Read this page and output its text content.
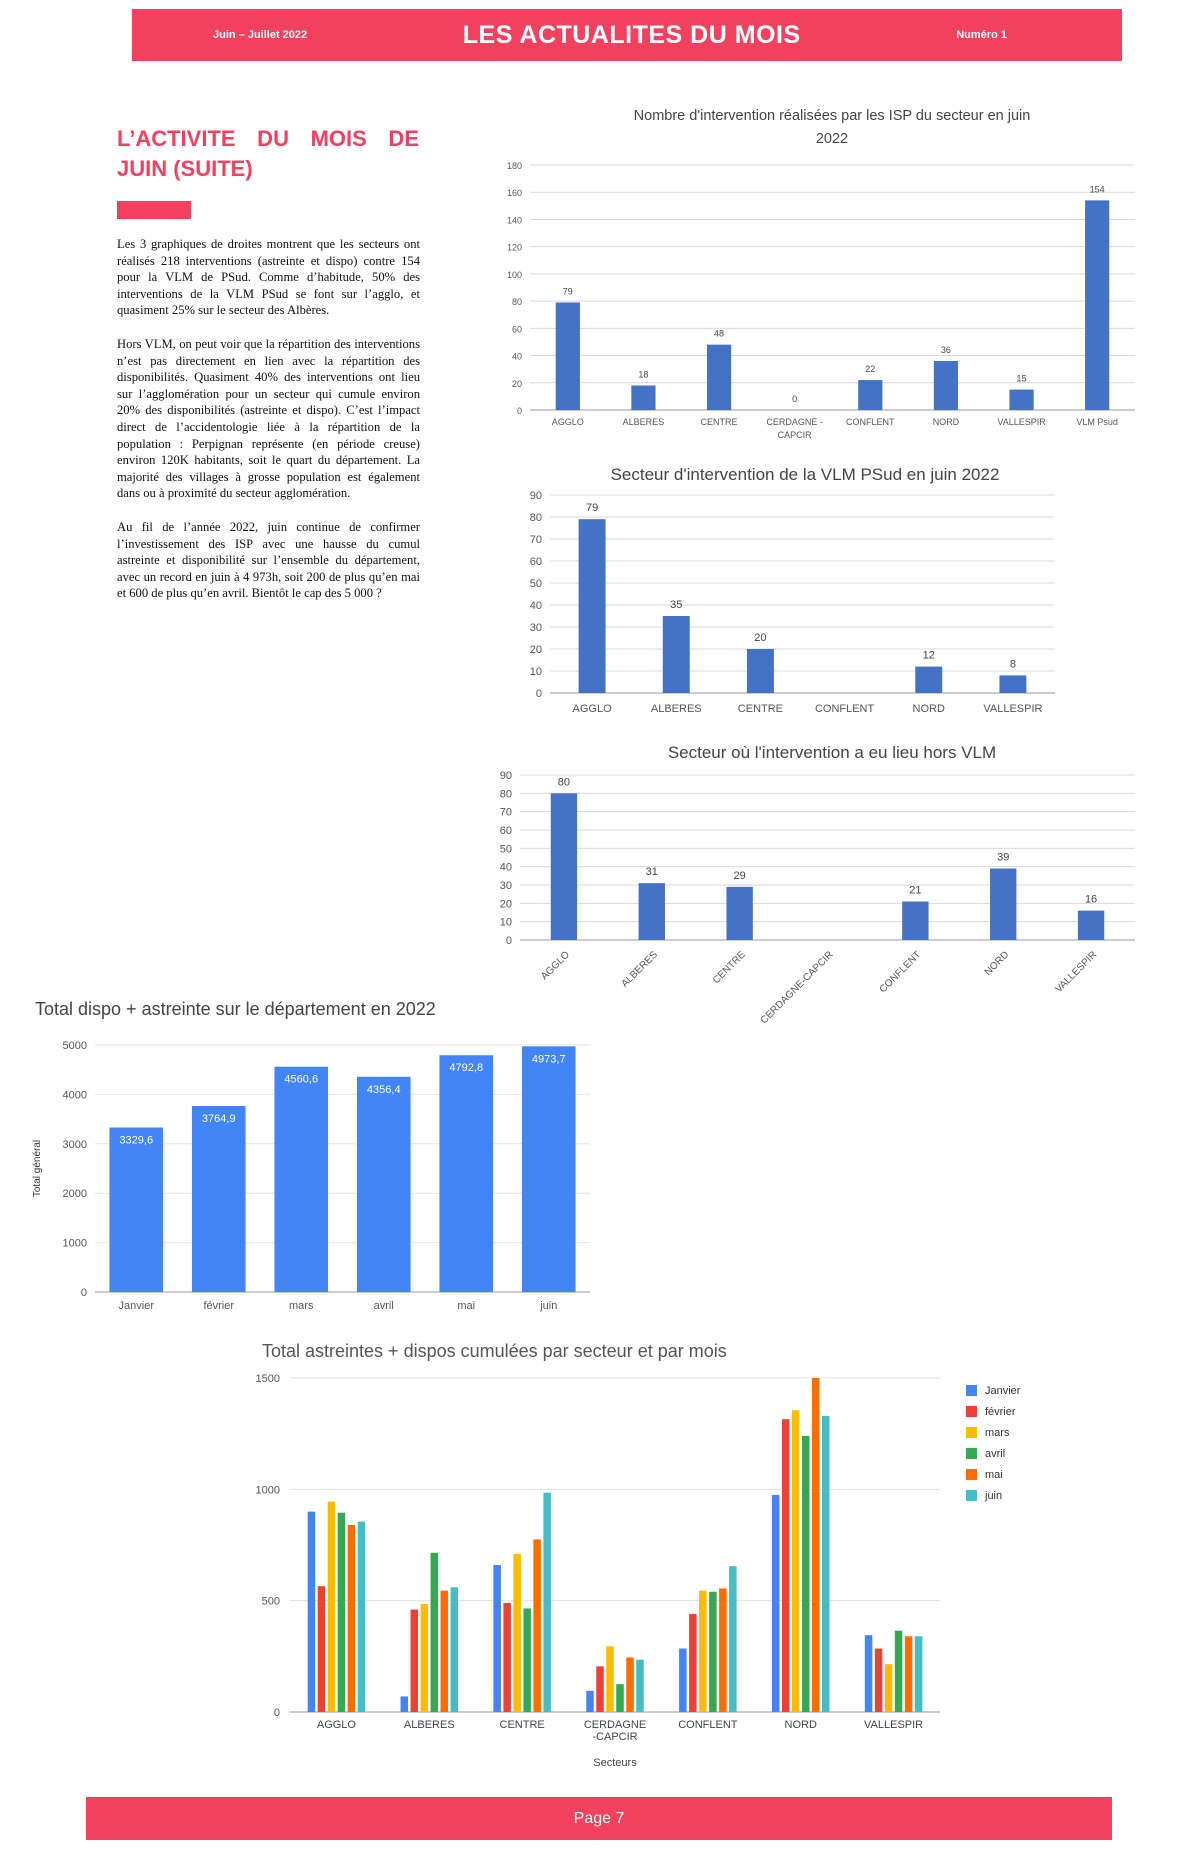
Juin – Juillet 2022	LES ACTUALITES DU MOIS	Numéro 1
L’ACTIVITE DU MOIS DE JUIN (SUITE)

Les 3 graphiques de droites montrent que les secteurs ont réalisés 218 interventions (astreinte et dispo) contre 154 pour la VLM de PSud. Comme d’habitude, 50% des interventions de la VLM PSud se font sur l’agglo, et quasiment 25% sur le secteur des Albères.

Hors VLM, on peut voir que la répartition des interventions n’est pas directement en lien avec la répartition des disponibilités. Quasiment 40% des interventions ont lieu sur l’agglomération pour un secteur qui cumule environ 20% des disponibilités (astreinte et dispo). C’est l’impact direct de l’accidentologie liée à la répartition de la population : Perpignan représente (en période creuse) environ 120K habitants, soit le quart du département. La majorité des villages à grosse population est également dans ou à proximité du secteur agglomération.

Au fil de l’année 2022, juin continue de confirmer l’investissement des ISP avec une hausse du cumul astreinte et disponibilité sur l’ensemble du département, avec un record en juin à 4 973h, soit 200 de plus qu’en mai et 600 de plus qu’en avril. Bientôt le cap des 5 000 ?

Nombre d'intervention réalisées par les ISP du secteur en juin
2022
0
20
40
60
80
100
120
140
160
180
79
AGGLO
18
ALBERES
48
CENTRE
0
CERDAGNE -
CAPCIR
22
CONFLENT
36
NORD
15
VALLESPIR
154
VLM Psud
Secteur d'intervention de la VLM PSud en juin 2022
0
10
20
30
40
50
60
70
80
90
79
AGGLO
35
ALBERES
20
CENTRE	CONFLENT
12
NORD
8
VALLESPIR
Secteur où l'intervention a eu lieu hors VLM
0
10
20
30
40
50
60
70
80
90
80
AGGLO
31
ALBERES
29
CENTRE CERDAGNE-CAPCIR
21
CONFLENT
39
NORD
16
VALLESPIR
Total dispo + astreinte sur le département en 2022
0
1000
2000
3000
4000
5000
Total général	3329,6
Janvier
3764,9
février
4560,6
mars
4356,4
avril
4792,8
mai
4973,7
juin
Total astreintes + dispos cumulées par secteur et par mois
0
500
1000
1500
AGGLO	ALBERES	CENTRE	CERDAGNE
-CAPCIR
CONFLENT	NORD	VALLESPIR
Secteurs
Janvier
février
mars
avril
mai
juin
Page 7
